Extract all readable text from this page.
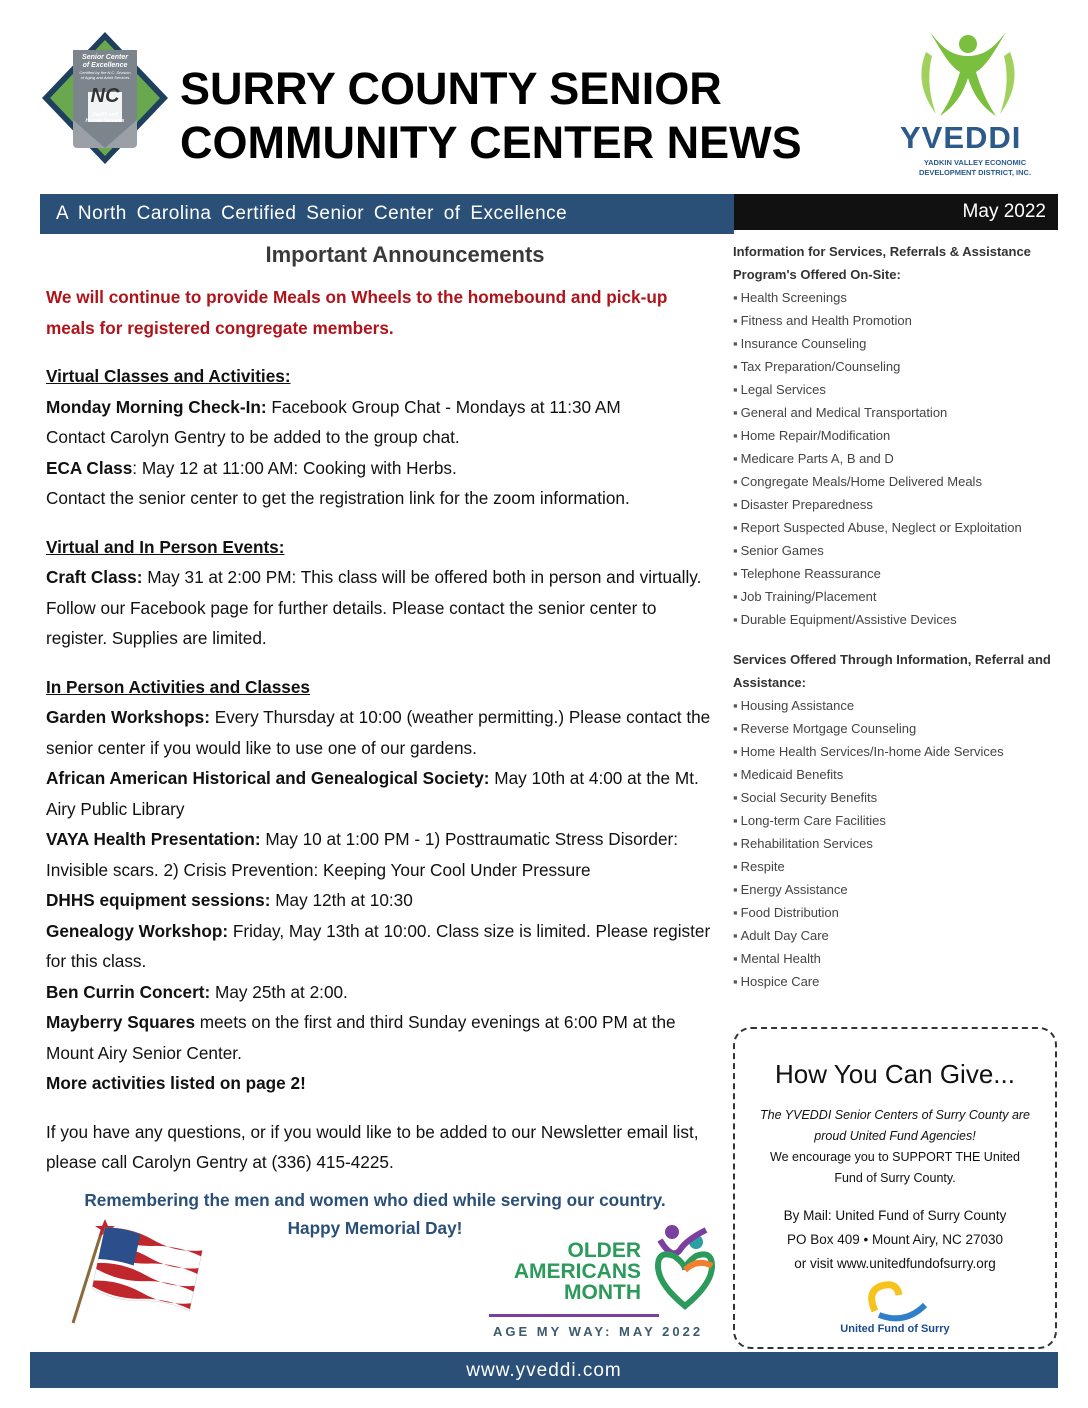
Senior Center
of Excellence
Certified by the N.C. Division
of Aging and Adult Services
NC
Health and
Human Services
SURRY COUNTY SENIOR
COMMUNITY CENTER NEWS	YVEDDI
YADKIN VALLEY ECONOMIC DEVELOPMENT DISTRICT, INC.
A North Carolina Certified Senior Center of Excellence	May 2022
Important Announcements

We will continue to provide Meals on Wheels to the homebound and pick-up meals for registered congregate members.

Virtual Classes and Activities:

Monday Morning Check-In: Facebook Group Chat - Mondays at 11:30 AM

Contact Carolyn Gentry to be added to the group chat.

ECA Class: May 12 at 11:00 AM: Cooking with Herbs.

Contact the senior center to get the registration link for the zoom information.

Virtual and In Person Events:

Craft Class: May 31 at 2:00 PM: This class will be offered both in person and virtually. Follow our Facebook page for further details. Please contact the senior center to register. Supplies are limited.

In Person Activities and Classes

Garden Workshops: Every Thursday at 10:00 (weather permitting.) Please contact the senior center if you would like to use one of our gardens.

African American Historical and Genealogical Society: May 10th at 4:00 at the Mt. Airy Public Library

VAYA Health Presentation: May 10 at 1:00 PM - 1) Posttraumatic Stress Disorder: Invisible scars. 2) Crisis Prevention: Keeping Your Cool Under Pressure

DHHS equipment sessions: May 12th at 10:30

Genealogy Workshop: Friday, May 13th at 10:00. Class size is limited. Please register for this class.

Ben Currin Concert: May 25th at 2:00.

Mayberry Squares meets on the first and third Sunday evenings at 6:00 PM at the Mount Airy Senior Center.

More activities listed on page 2!

If you have any questions, or if you would like to be added to our Newsletter email list, please call Carolyn Gentry at (336) 415-4225.

Remembering the men and women who died while serving our country.
Happy Memorial Day!
OLDER
AMERICANS
MONTH
AGE MY WAY: MAY 2022
Information for Services, Referrals & Assistance
Program's Offered On-Site:
▪ Health Screenings
▪ Fitness and Health Promotion
▪ Insurance Counseling
▪ Tax Preparation/Counseling
▪ Legal Services
▪ General and Medical Transportation
▪ Home Repair/Modification
▪ Medicare Parts A, B and D
▪ Congregate Meals/Home Delivered Meals
▪ Disaster Preparedness
▪ Report Suspected Abuse, Neglect or Exploitation
▪ Senior Games
▪ Telephone Reassurance
▪ Job Training/Placement
▪ Durable Equipment/Assistive Devices
Services Offered Through Information, Referral and Assistance:
▪ Housing Assistance
▪ Reverse Mortgage Counseling
▪ Home Health Services/In-home Aide Services
▪ Medicaid Benefits
▪ Social Security Benefits
▪ Long-term Care Facilities
▪ Rehabilitation Services
▪ Respite
▪ Energy Assistance
▪ Food Distribution
▪ Adult Day Care
▪ Mental Health
▪ Hospice Care
How You Can Give...
The YVEDDI Senior Centers of Surry County are proud United Fund Agencies!
We encourage you to SUPPORT THE United Fund of Surry County.
By Mail: United Fund of Surry County
PO Box 409 • Mount Airy, NC 27030
or visit www.unitedfundofsurry.org
United Fund of Surry
www.yveddi.com
